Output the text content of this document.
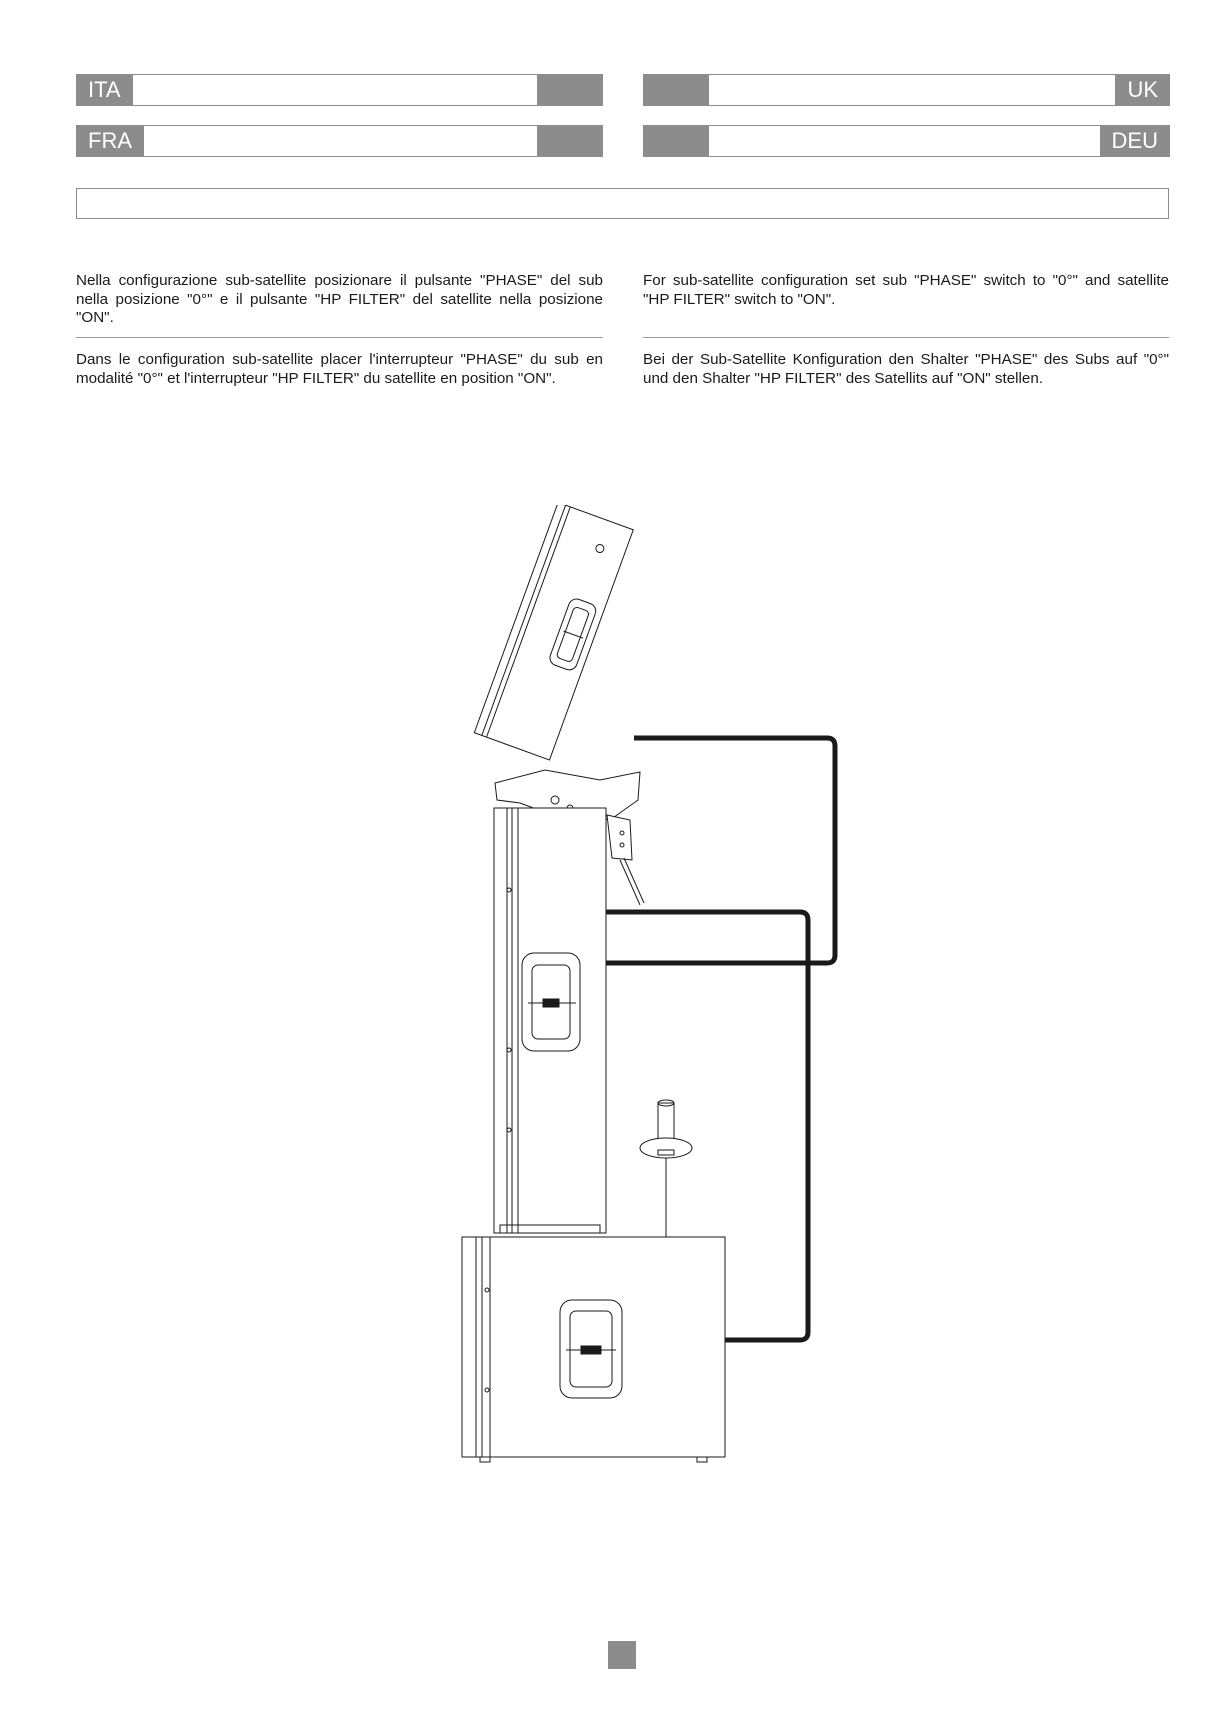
ITA	UK
FRA	DEU

Nella configurazione sub-satellite posizionare il pulsante "PHASE" del sub nella posizione "0°" e il pulsante "HP FILTER" del satellite nella posizione "ON".

For sub-satellite configuration set sub "PHASE" switch to "0°" and satellite "HP FILTER" switch to "ON".

Dans le configuration sub-satellite placer l'interrupteur "PHASE" du sub en modalité "0°" et l'interrupteur "HP FILTER" du satellite en position "ON".

Bei der Sub-Satellite Konfiguration den Shalter "PHASE" des Subs auf "0°" und den Shalter "HP FILTER" des Satellits auf "ON" stellen.
